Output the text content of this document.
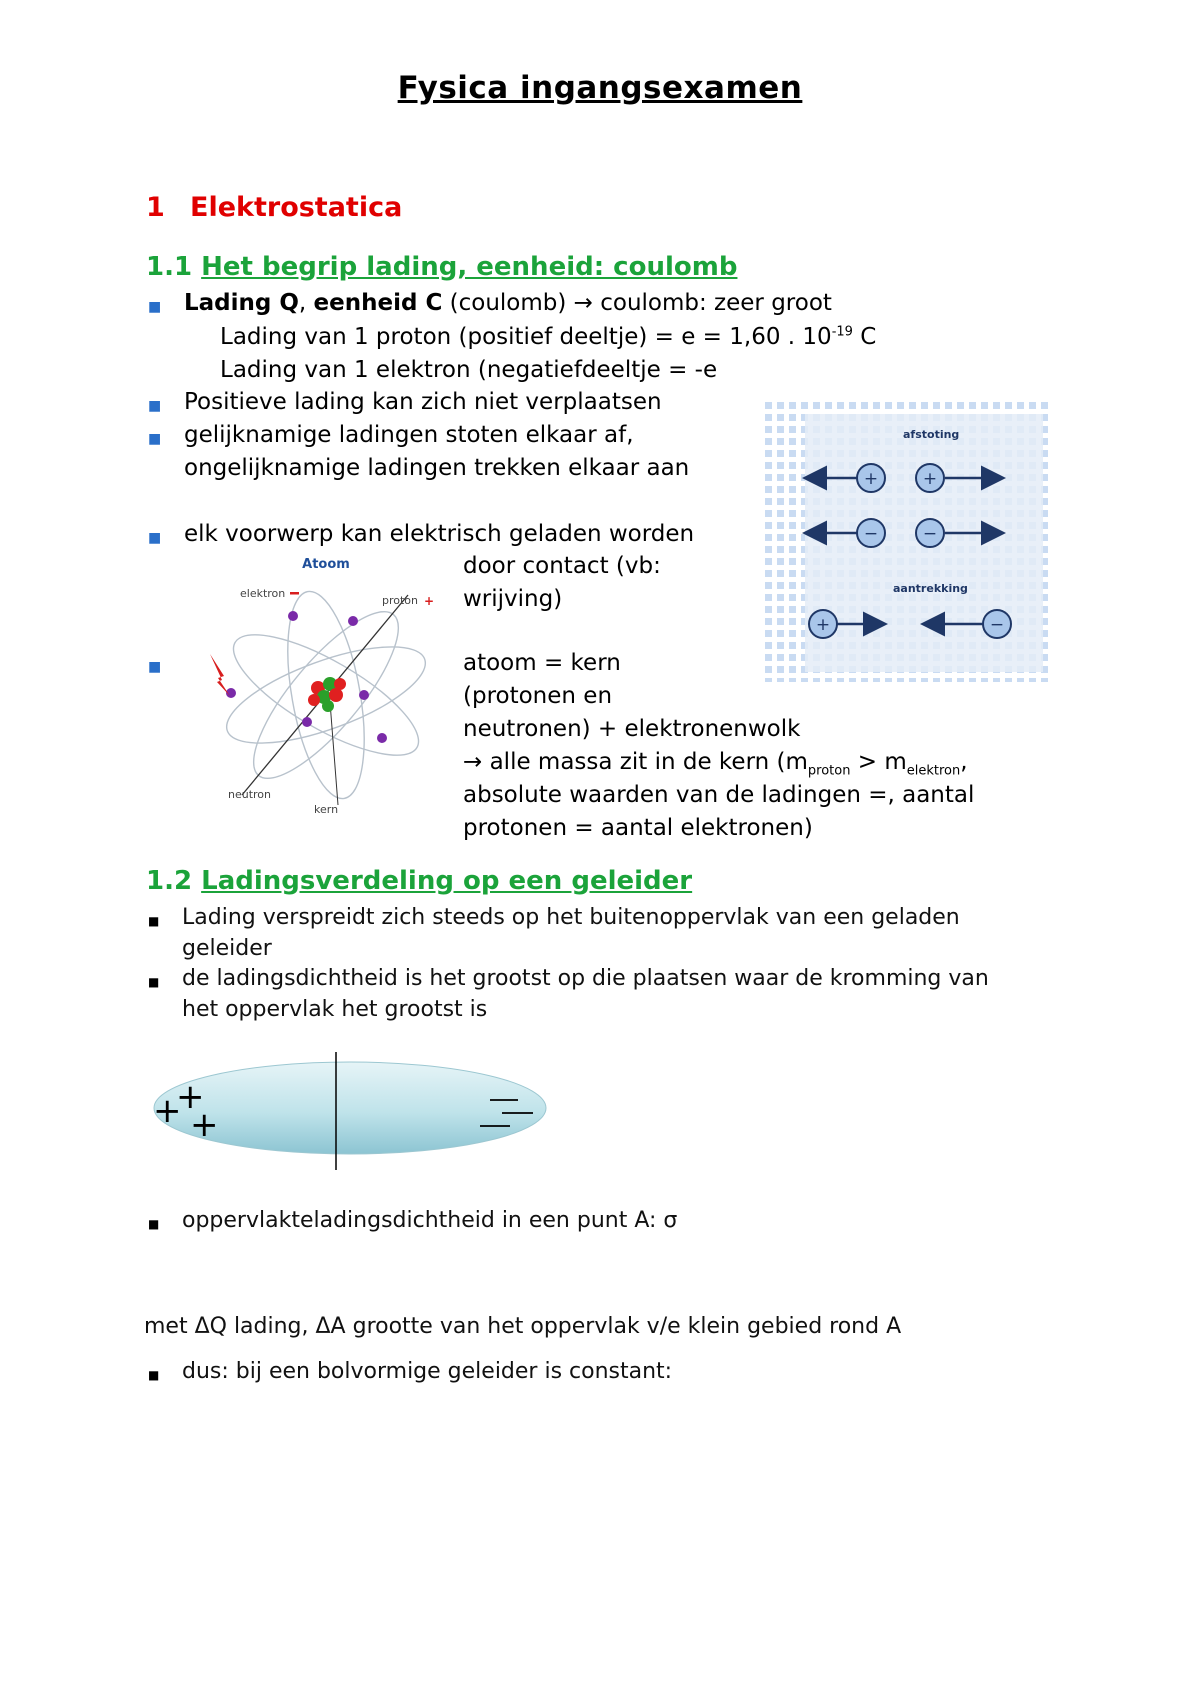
Fysica ingangsexamen
1 Elektrostatica
1.1 Het begrip lading, eenheid: coulomb
■ Lading Q, eenheid C (coulomb) → coulomb: zeer groot
Lading van 1 proton (positief deeltje) = e = 1,60 . $10^{-19}$ C
Lading van 1 elektron (negatiefdeeltje = -e
■ Positieve lading kan zich niet verplaatsen
■ gelijknamige ladingen stoten elkaar af,
ongelijknamige ladingen trekken elkaar aan
■ elk voorwerp kan elektrisch geladen worden
door contact (vb:
wrijving)
■	atoom = kern
(protonen en
neutronen) + elektronenwolk
→ alle massa zit in de kern ($m_{proton} > m_{elektron}$,
absolute waarden van de ladingen =, aantal
protonen = aantal elektronen)
Atoom
elektron
proton +
neutron
kern
afstoting
aantrekking
+	+
−	−
+	−
1.2 Ladingsverdeling op een geleider
■ Lading verspreidt zich steeds op het buitenoppervlak van een geladen
geleider
■ de ladingsdichtheid is het grootst op die plaatsen waar de kromming van
het oppervlak het grootst is
+
+
+
■ oppervlakteladingsdichtheid in een punt A: σ
met ΔQ lading, ΔA grootte van het oppervlak v/e klein gebied rond A
■ dus: bij een bolvormige geleider is constant:
